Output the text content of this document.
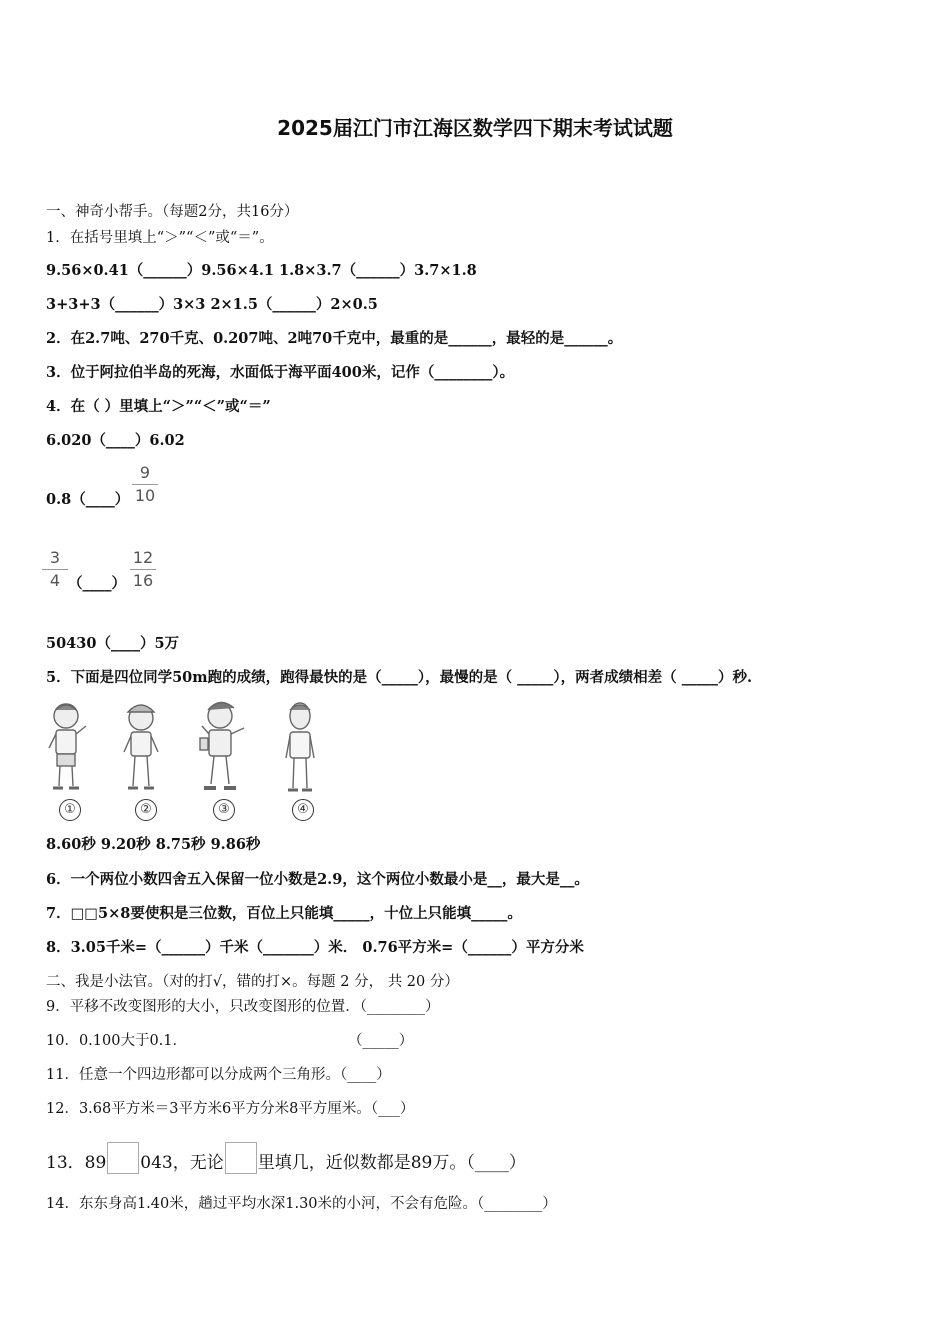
2025届江门市江海区数学四下期末考试试题
一、神奇小帮手。（每题2分，共16分）
1．在括号里填上“＞”“＜”或“＝”。
9.56×0.41（______）9.56×4.1 1.8×3.7（______）3.7×1.8
3+3+3（______）3×3 2×1.5（______）2×0.5
2．在2.7吨、270千克、0.207吨、2吨70千克中，最重的是______，最轻的是______。
3．位于阿拉伯半岛的死海，水面低于海平面400米，记作（________）。
4．在（ ）里填上“＞”“＜”或“＝”
6.020（____）6.02
0.8（____）
9
10
3
4 （____）
12
16
50430（____）5万
5．下面是四位同学50m跑的成绩，跑得最快的是（_____），最慢的是（ _____），两者成绩相差（ _____）秒.
①	②	③	④
8.60秒 9.20秒 8.75秒 9.86秒
6．一个两位小数四舍五入保留一位小数是2.9，这个两位小数最小是__，最大是__。
7．□□5×8要使积是三位数，百位上只能填_____，十位上只能填_____。
8．3.05千米=（______）千米（_______）米． 0.76平方米=（______）平方分米
二、我是小法官。（对的打√，错的打×。每题 2 分， 共 20 分）
9．平移不改变图形的大小，只改变图形的位置．（________）
10．0.100大于0.1．	（_____）
11．任意一个四边形都可以分成两个三角形。（____）
12．3.68平方米＝3平方米6平方分米8平方厘米。（___）
13．89 043，无论 里填几，近似数都是89万。（____）
14．东东身高1.40米，趟过平均水深1.30米的小河，不会有危险。（________）
